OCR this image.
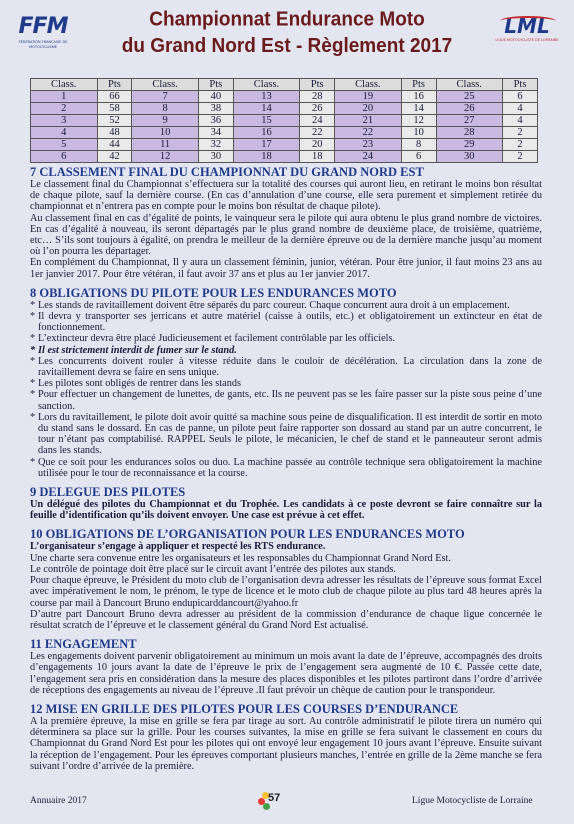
FFM
FÉDÉRATION FRANÇAISE DE MOTOCYCLISME
Championnat Endurance Moto
du Grand Nord Est - Règlement 2017
LML
LIGUE MOTOCYCLISTE DE LORRAINE
Class.	Pts	Class.	Pts	Class.	Pts	Class.	Pts	Class.	Pts
1	66	7	40	13	28	19	16	25	6
2	58	8	38	14	26	20	14	26	4
3	52	9	36	15	24	21	12	27	4
4	48	10	34	16	22	22	10	28	2
5	44	11	32	17	20	23	8	29	2
6	42	12	30	18	18	24	6	30	2
7 CLASSEMENT FINAL DU CHAMPIONNAT DU GRAND NORD EST

Le classement final du Championnat s’effectuera sur la totalité des courses qui auront lieu, en retirant le moins bon résultat de chaque pilote, sauf la dernière course. (En cas d’annulation d’une course, elle sera purement et simplement retirée du championnat et n’entrera pas en compte pour le moins bon résultat de chaque pilote).

Au classement final en cas d’égalité de points, le vainqueur sera le pilote qui aura obtenu le plus grand nombre de victoires. En cas d’égalité à nouveau, ils seront départagés par le plus grand nombre de deuxième place, de troisième, quatrième, etc… S’ils sont toujours à égalité, on prendra le meilleur de la dernière épreuve ou de la dernière manche jusqu’au moment où l’on pourra les départager.

En complément du Championnat, Il y aura un classement féminin, junior, vétéran. Pour être junior, il faut moins 23 ans au 1er janvier 2017. Pour être vétéran, il faut avoir 37 ans et plus au 1er janvier 2017.

8 OBLIGATIONS DU PILOTE POUR LES ENDURANCES MOTO
* Les stands de ravitaillement doivent être séparés du parc coureur. Chaque concurrent aura droit à un emplacement.
* Il devra y transporter ses jerricans et autre matériel (caisse à outils, etc.) et obligatoirement un extincteur en état de fonctionnement.
* L’extincteur devra être placé Judicieusement et facilement contrôlable par les officiels.
* Il est strictement interdit de fumer sur le stand.
* Les concurrents doivent rouler à vitesse réduite dans le couloir de décélération. La circulation dans la zone de ravitaillement devra se faire en sens unique.
* Les pilotes sont obligés de rentrer dans les stands
* Pour effectuer un changement de lunettes, de gants, etc. Ils ne peuvent pas se les faire passer sur la piste sous peine d’une sanction.
* Lors du ravitaillement, le pilote doit avoir quitté sa machine sous peine de disqualification. Il est interdit de sortir en moto du stand sans le dossard. En cas de panne, un pilote peut faire rapporter son dossard au stand par un autre concurrent, le tour n’étant pas comptabilisé. RAPPEL Seuls le pilote, le mécanicien, le chef de stand et le panneauteur seront admis dans les stands.
* Que ce soit pour les endurances solos ou duo. La machine passée au contrôle technique sera obligatoirement la machine utilisée pour le tour de reconnaissance et la course.
9 DELEGUE DES PILOTES

Un délégué des pilotes du Championnat et du Trophée. Les candidats à ce poste devront se faire connaître sur la feuille d’identification qu’ils doivent envoyer. Une case est prévue à cet effet.

10 OBLIGATIONS DE L’ORGANISATION POUR LES ENDURANCES MOTO

L’organisateur s’engage à appliquer et respecté les RTS endurance.

Une charte sera convenue entre les organisateurs et les responsables du Championnat Grand Nord Est.

Le contrôle de pointage doit être placé sur le circuit avant l’entrée des pilotes aux stands.

Pour chaque épreuve, le Président du moto club de l’organisation devra adresser les résultats de l’épreuve sous format Excel avec impérativement le nom, le prénom, le type de licence et le moto club de chaque pilote au plus tard 48 heures après la course par mail à Dancourt Bruno endupicarddancourt@yahoo.fr

D’autre part Dancourt Bruno devra adresser au président de la commission d’endurance de chaque ligue concernée le résultat scratch de l’épreuve et le classement général du Grand Nord Est actualisé.

11 ENGAGEMENT

Les engagements doivent parvenir obligatoirement au minimum un mois avant la date de l’épreuve, accompagnés des droits d’engagements 10 jours avant la date de l’épreuve le prix de l’engagement sera augmenté de 10 €. Passée cette date, l’engagement sera pris en considération dans la mesure des places disponibles et les pilotes partiront dans l’ordre d’arrivée de réceptions des engagements au niveau de l’épreuve .Il faut prévoir un chèque de caution pour le transpondeur.

12 MISE EN GRILLE DES PILOTES POUR LES COURSES D’ENDURANCE

A la première épreuve, la mise en grille se fera par tirage au sort. Au contrôle administratif le pilote tirera un numéro qui déterminera sa place sur la grille. Pour les courses suivantes, la mise en grille se fera suivant le classement en cours du Championnat du Grand Nord Est pour les pilotes qui ont envoyé leur engagement 10 jours avant l’épreuve. Ensuite suivant la réception de l’engagement. Pour les épreuves comportant plusieurs manches, l’entrée en grille de la 2ème manche se fera suivant l’ordre d’arrivée de la première.

Annuaire 2017	57	Ligue Motocycliste de Lorraine
